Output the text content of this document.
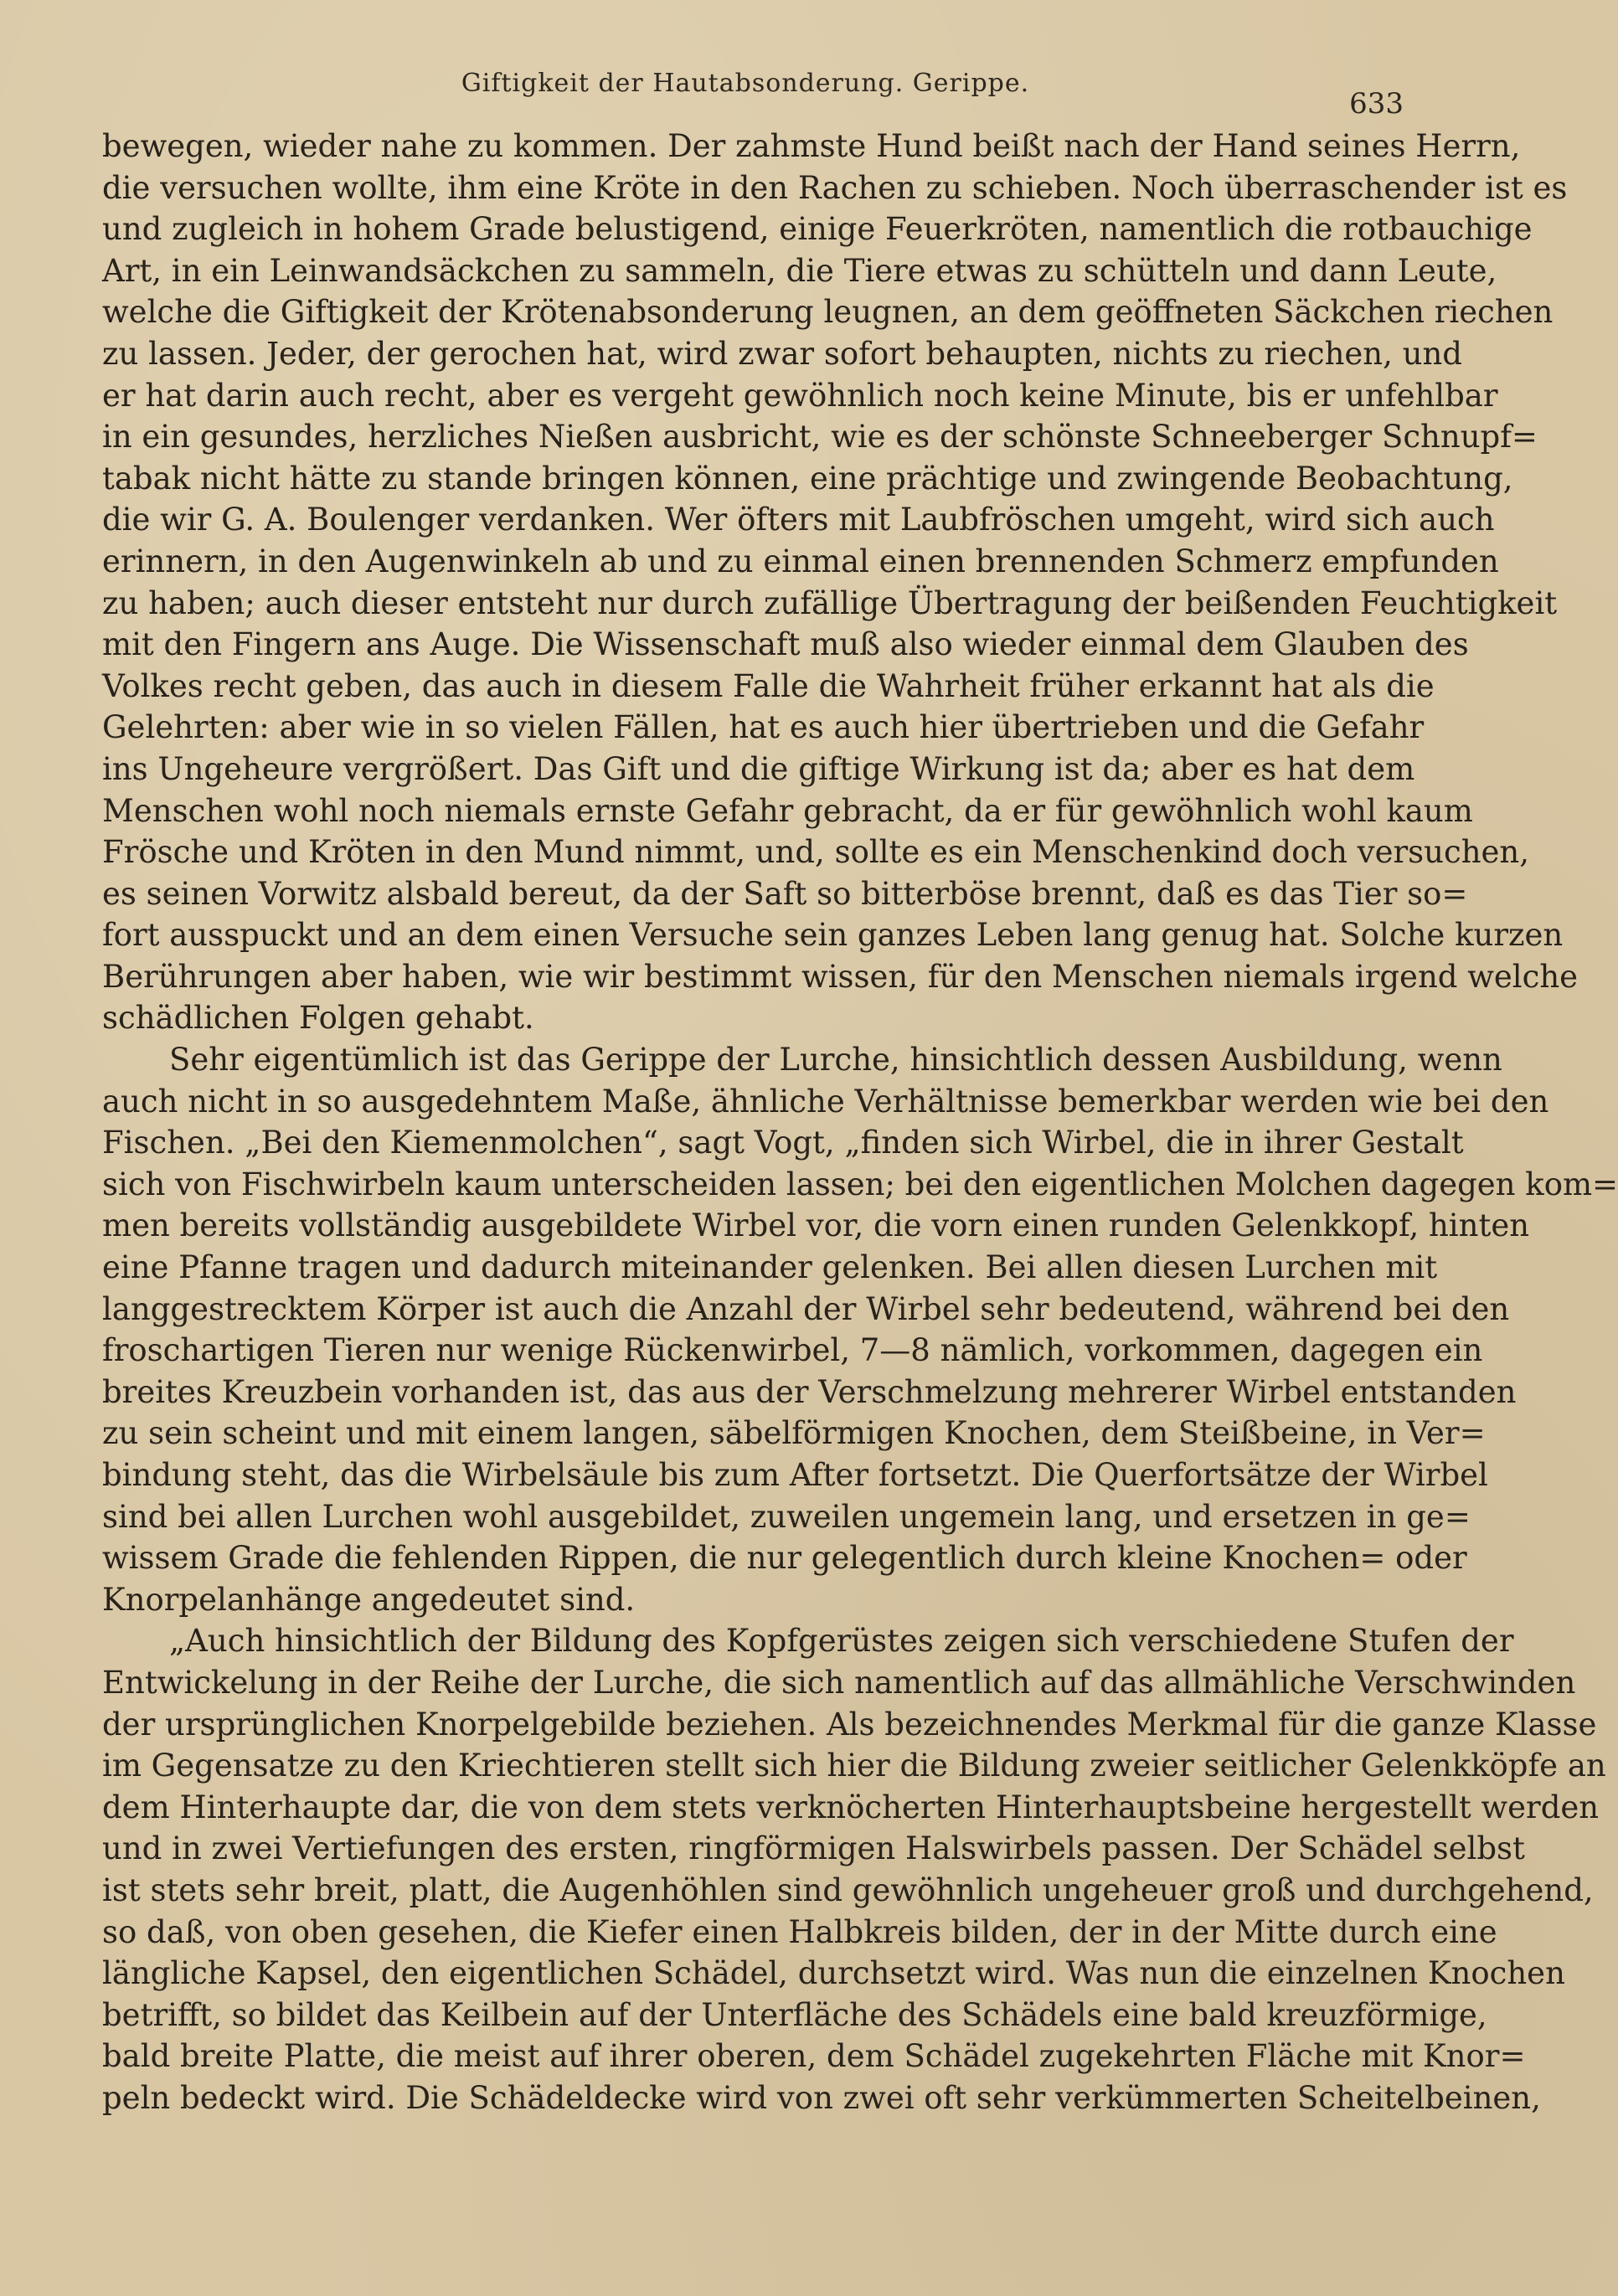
Giftigkeit der Hautabsonderung. Gerippe.
633
bewegen, wieder nahe zu kommen. Der zahmste Hund beißt nach der Hand seines Herrn,
die versuchen wollte, ihm eine Kröte in den Rachen zu schieben. Noch überraschender ist es
und zugleich in hohem Grade belustigend, einige Feuerkröten, namentlich die rotbauchige
Art, in ein Leinwandsäckchen zu sammeln, die Tiere etwas zu schütteln und dann Leute,
welche die Giftigkeit der Krötenabsonderung leugnen, an dem geöffneten Säckchen riechen
zu lassen. Jeder, der gerochen hat, wird zwar sofort behaupten, nichts zu riechen, und
er hat darin auch recht, aber es vergeht gewöhnlich noch keine Minute, bis er unfehlbar
in ein gesundes, herzliches Nießen ausbricht, wie es der schönste Schneeberger Schnupf=
tabak nicht hätte zu stande bringen können, eine prächtige und zwingende Beobachtung,
die wir G. A. Boulenger verdanken. Wer öfters mit Laubfröschen umgeht, wird sich auch
erinnern, in den Augenwinkeln ab und zu einmal einen brennenden Schmerz empfunden
zu haben; auch dieser entsteht nur durch zufällige Übertragung der beißenden Feuchtigkeit
mit den Fingern ans Auge. Die Wissenschaft muß also wieder einmal dem Glauben des
Volkes recht geben, das auch in diesem Falle die Wahrheit früher erkannt hat als die
Gelehrten: aber wie in so vielen Fällen, hat es auch hier übertrieben und die Gefahr
ins Ungeheure vergrößert. Das Gift und die giftige Wirkung ist da; aber es hat dem
Menschen wohl noch niemals ernste Gefahr gebracht, da er für gewöhnlich wohl kaum
Frösche und Kröten in den Mund nimmt, und, sollte es ein Menschenkind doch versuchen,
es seinen Vorwitz alsbald bereut, da der Saft so bitterböse brennt, daß es das Tier so=
fort ausspuckt und an dem einen Versuche sein ganzes Leben lang genug hat. Solche kurzen
Berührungen aber haben, wie wir bestimmt wissen, für den Menschen niemals irgend welche
schädlichen Folgen gehabt.
Sehr eigentümlich ist das Gerippe der Lurche, hinsichtlich dessen Ausbildung, wenn
auch nicht in so ausgedehntem Maße, ähnliche Verhältnisse bemerkbar werden wie bei den
Fischen. „Bei den Kiemenmolchen“, sagt Vogt, „finden sich Wirbel, die in ihrer Gestalt
sich von Fischwirbeln kaum unterscheiden lassen; bei den eigentlichen Molchen dagegen kom=
men bereits vollständig ausgebildete Wirbel vor, die vorn einen runden Gelenkkopf, hinten
eine Pfanne tragen und dadurch miteinander gelenken. Bei allen diesen Lurchen mit
langgestrecktem Körper ist auch die Anzahl der Wirbel sehr bedeutend, während bei den
froschartigen Tieren nur wenige Rückenwirbel, 7—8 nämlich, vorkommen, dagegen ein
breites Kreuzbein vorhanden ist, das aus der Verschmelzung mehrerer Wirbel entstanden
zu sein scheint und mit einem langen, säbelförmigen Knochen, dem Steißbeine, in Ver=
bindung steht, das die Wirbelsäule bis zum After fortsetzt. Die Querfortsätze der Wirbel
sind bei allen Lurchen wohl ausgebildet, zuweilen ungemein lang, und ersetzen in ge=
wissem Grade die fehlenden Rippen, die nur gelegentlich durch kleine Knochen= oder
Knorpelanhänge angedeutet sind.
„Auch hinsichtlich der Bildung des Kopfgerüstes zeigen sich verschiedene Stufen der
Entwickelung in der Reihe der Lurche, die sich namentlich auf das allmähliche Verschwinden
der ursprünglichen Knorpelgebilde beziehen. Als bezeichnendes Merkmal für die ganze Klasse
im Gegensatze zu den Kriechtieren stellt sich hier die Bildung zweier seitlicher Gelenkköpfe an
dem Hinterhaupte dar, die von dem stets verknöcherten Hinterhauptsbeine hergestellt werden
und in zwei Vertiefungen des ersten, ringförmigen Halswirbels passen. Der Schädel selbst
ist stets sehr breit, platt, die Augenhöhlen sind gewöhnlich ungeheuer groß und durchgehend,
so daß, von oben gesehen, die Kiefer einen Halbkreis bilden, der in der Mitte durch eine
längliche Kapsel, den eigentlichen Schädel, durchsetzt wird. Was nun die einzelnen Knochen
betrifft, so bildet das Keilbein auf der Unterfläche des Schädels eine bald kreuzförmige,
bald breite Platte, die meist auf ihrer oberen, dem Schädel zugekehrten Fläche mit Knor=
peln bedeckt wird. Die Schädeldecke wird von zwei oft sehr verkümmerten Scheitelbeinen,
